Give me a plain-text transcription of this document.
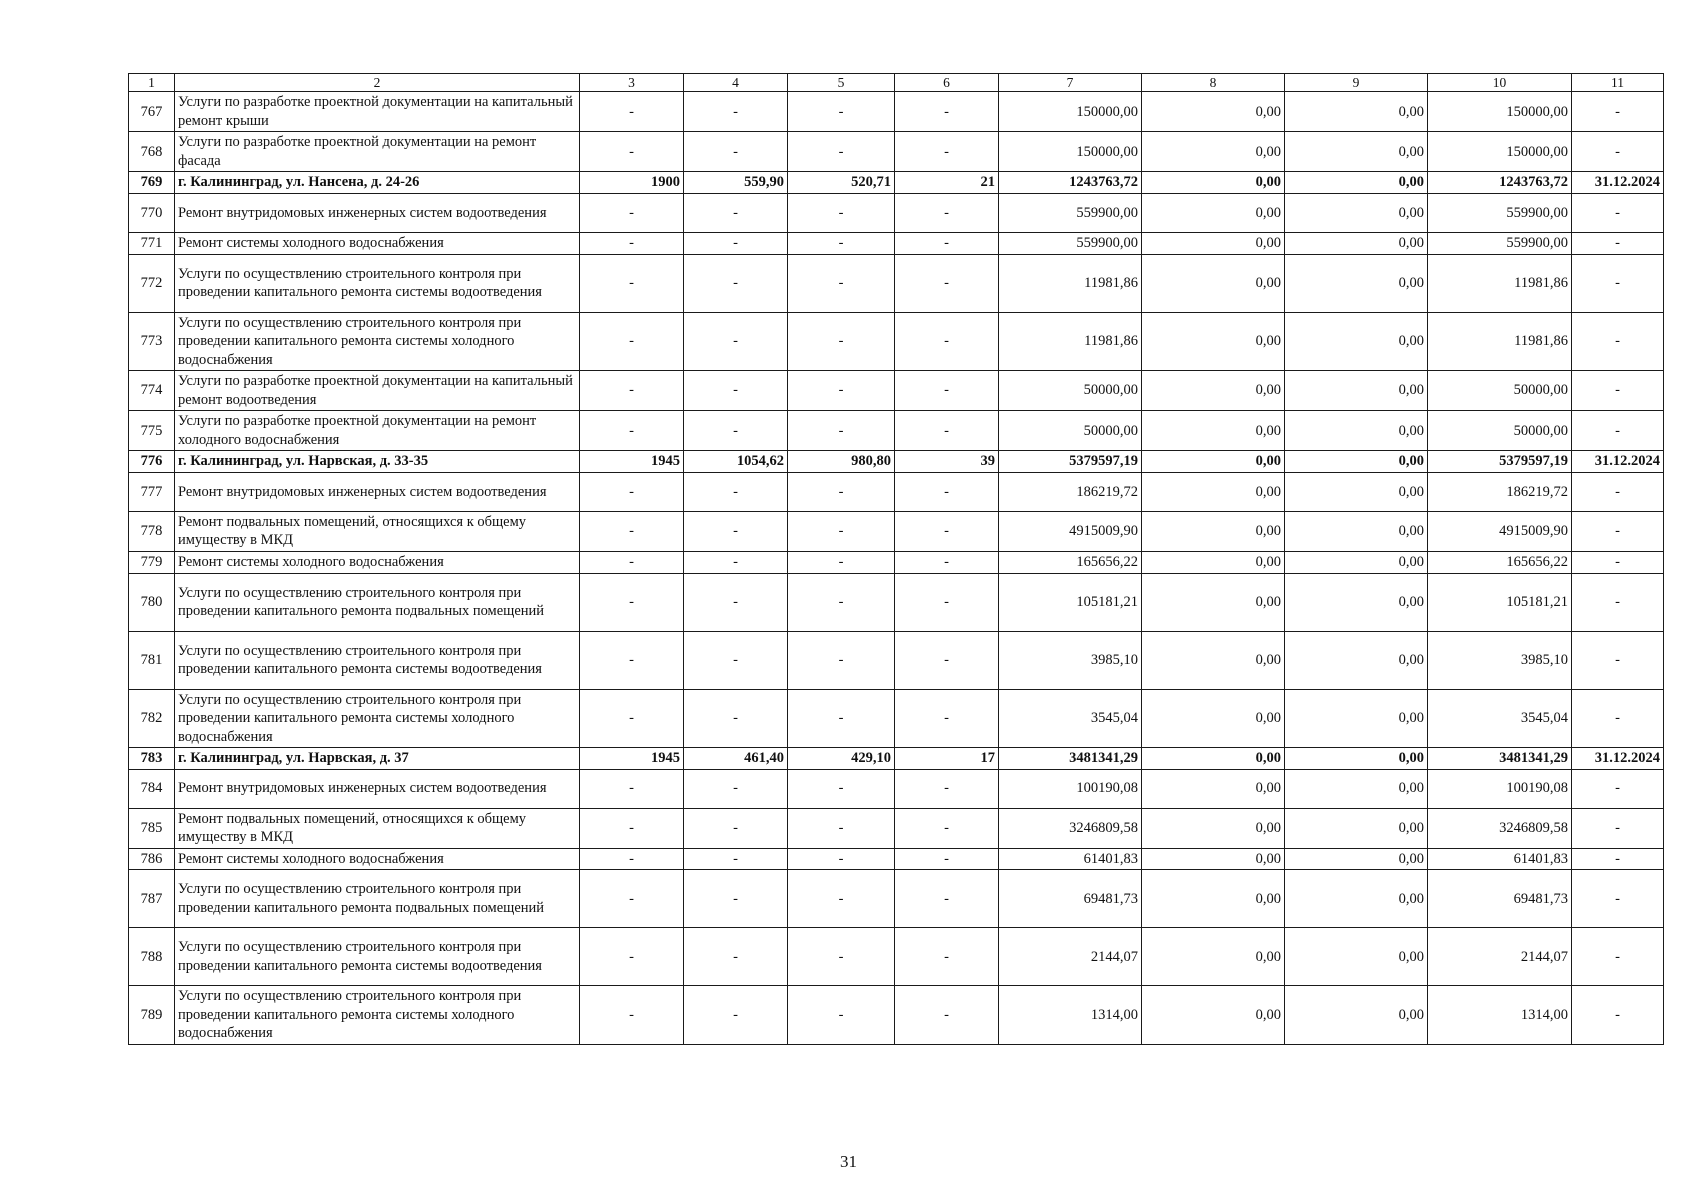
1	2	3	4	5	6	7	8	9	10	11
767	Услуги по разработке проектной документации на капитальный ремонт крыши	-	-	-	-	150000,00	0,00	0,00	150000,00	-
768	Услуги по разработке проектной документации на ремонт фасада	-	-	-	-	150000,00	0,00	0,00	150000,00	-
769	г. Калининград, ул. Нансена, д. 24-26	1900	559,90	520,71	21	1243763,72	0,00	0,00	1243763,72	31.12.2024
770	Ремонт внутридомовых инженерных систем водоотведения	-	-	-	-	559900,00	0,00	0,00	559900,00	-
771	Ремонт системы холодного водоснабжения	-	-	-	-	559900,00	0,00	0,00	559900,00	-
772	Услуги по осуществлению строительного контроля при проведении капитального ремонта системы водоотведения	-	-	-	-	11981,86	0,00	0,00	11981,86	-
773	Услуги по осуществлению строительного контроля при проведении капитального ремонта системы холодного водоснабжения	-	-	-	-	11981,86	0,00	0,00	11981,86	-
774	Услуги по разработке проектной документации на капитальный ремонт водоотведения	-	-	-	-	50000,00	0,00	0,00	50000,00	-
775	Услуги по разработке проектной документации на ремонт холодного водоснабжения	-	-	-	-	50000,00	0,00	0,00	50000,00	-
776	г. Калининград, ул. Нарвская, д. 33-35	1945	1054,62	980,80	39	5379597,19	0,00	0,00	5379597,19	31.12.2024
777	Ремонт внутридомовых инженерных систем водоотведения	-	-	-	-	186219,72	0,00	0,00	186219,72	-
778	Ремонт подвальных помещений, относящихся к общему имуществу в МКД	-	-	-	-	4915009,90	0,00	0,00	4915009,90	-
779	Ремонт системы холодного водоснабжения	-	-	-	-	165656,22	0,00	0,00	165656,22	-
780	Услуги по осуществлению строительного контроля при проведении капитального ремонта подвальных помещений	-	-	-	-	105181,21	0,00	0,00	105181,21	-
781	Услуги по осуществлению строительного контроля при проведении капитального ремонта системы водоотведения	-	-	-	-	3985,10	0,00	0,00	3985,10	-
782	Услуги по осуществлению строительного контроля при проведении капитального ремонта системы холодного водоснабжения	-	-	-	-	3545,04	0,00	0,00	3545,04	-
783	г. Калининград, ул. Нарвская, д. 37	1945	461,40	429,10	17	3481341,29	0,00	0,00	3481341,29	31.12.2024
784	Ремонт внутридомовых инженерных систем водоотведения	-	-	-	-	100190,08	0,00	0,00	100190,08	-
785	Ремонт подвальных помещений, относящихся к общему имуществу в МКД	-	-	-	-	3246809,58	0,00	0,00	3246809,58	-
786	Ремонт системы холодного водоснабжения	-	-	-	-	61401,83	0,00	0,00	61401,83	-
787	Услуги по осуществлению строительного контроля при проведении капитального ремонта подвальных помещений	-	-	-	-	69481,73	0,00	0,00	69481,73	-
788	Услуги по осуществлению строительного контроля при проведении капитального ремонта системы водоотведения	-	-	-	-	2144,07	0,00	0,00	2144,07	-
789	Услуги по осуществлению строительного контроля при проведении капитального ремонта системы холодного водоснабжения	-	-	-	-	1314,00	0,00	0,00	1314,00	-
31
